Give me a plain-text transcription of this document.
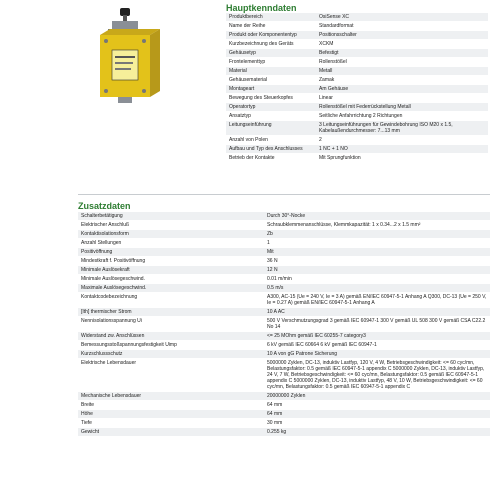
Hauptkenndaten
Produktbereich	OsiSense XC
Name der Reihe	Standardformat
Produkt oder Komponententyp	Positionsschalter
Kurzbezeichnung des Geräts	XCKM
Gehäusetyp	Befestigt
Frontelementtyp	Rollenstößel
Material	Metall
Gehäusematerial	Zamak
Montageart	Am Gehäuse
Bewegung des Steuerkopfes	Linear
Operatortyp	Rollenstößel mit Federrückstellung Metall
Ansatztyp	Seitliche Anfahrrichtung 2 Richtungen
Leitungseinführung	3 Leitungseinführungen für Gewindebohrung ISO M20 x 1.5, Kabelaußendurchmesser: 7...13 mm
Anzahl von Polen	2
Aufbau und Typ des Anschlusses	1 NC + 1 NO
Betrieb der Kontakte	Mit Sprungfunktion
Zusatzdaten
Schalterbetätigung	Durch 30°-Nocke
Elektrischer Anschluß	Schraubklemmenanschlüsse, Klemmkapazität: 1 x 0.34...2 x 1.5 mm²
Kontaktisolationsform	Zb
Anzahl Stellungen	1
Positivöffnung	Mit
Mindestkraft f. Positivöffnung	36 N
Minimale Auslösekraft	12 N
Minimale Auslösegeschwind.	0.01 m/min
Maximale Auslösegeschwind.	0.5 m/s
Kontaktcodebezeichnung	A300, AC-15 (Ue = 240 V, Ie = 3 A) gemäß EN/IEC 60947-5-1 Anhang A Q300, DC-13 (Ue = 250 V, Ie = 0.27 A) gemäß EN/IEC 60947-5-1 Anhang A
[Ith] thermischer Strom	10 A AC
Nennisolationsspannung Ui	500 V Verschmutzungsgrad 3 gemäß IEC 60947-1 300 V gemäß UL 508 300 V gemäß CSA C22.2 No 14
Widerstand zw. Anschlüssen	<= 25 MOhm gemäß IEC 60255-7 category3
Bemessungsstoßspannungsfestigkeit Uimp	6 kV gemäß IEC 60664 6 kV gemäß IEC 60947-1
Kurzschlussschutz	10 A von gG Patrone Sicherung
Elektrische Lebensdauer	5000000 Zyklen, DC-13, induktiv Lastfyp, 120 V, 4 W, Betriebsgeschwindigkeit: <= 60 cyc/mn, Belastungsfaktor: 0.5 gemäß IEC 60947-5-1 appendix C 5000000 Zyklen, DC-13, induktiv Lastfyp, 24 V, 7 W, Betriebsgeschwindigkeit: <= 60 cyc/mn, Belastungsfaktor: 0.5 gemäß IEC 60947-5-1 appendix C 5000000 Zyklen, DC-13, induktiv Lastfyp, 48 V, 10 W, Betriebsgeschwindigkeit: <= 60 cyc/mn, Belastungsfaktor: 0.5 gemäß IEC 60947-5-1 appendix C
Mechanische Lebensdauer	20000000 Zyklen
Breite	64 mm
Höhe	64 mm
Tiefe	30 mm
Gewicht	0.255 kg
